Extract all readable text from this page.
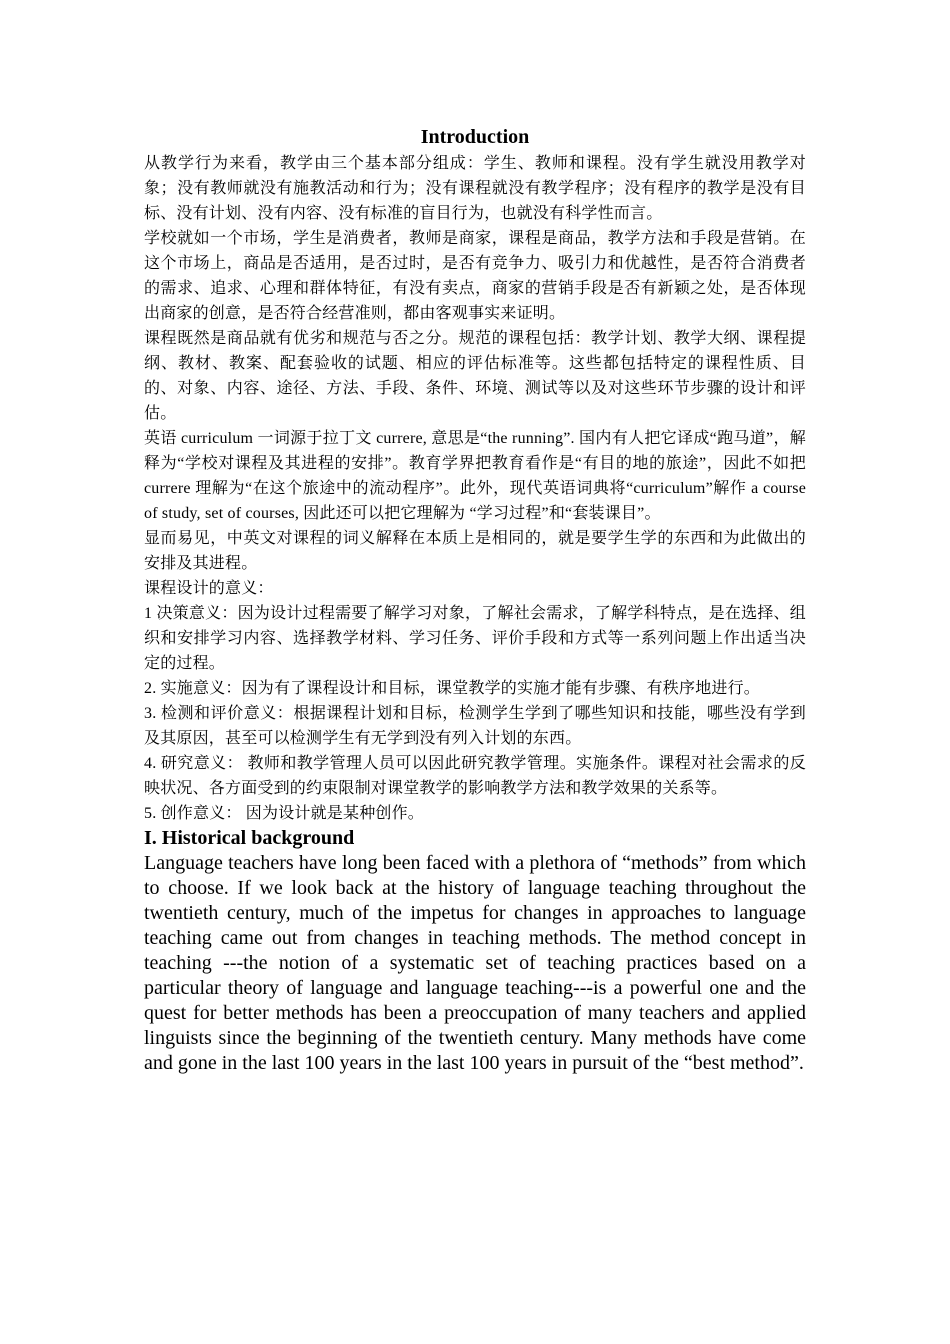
Introduction

从教学行为来看，教学由三个基本部分组成：学生、教师和课程。没有学生就没用教学对象；没有教师就没有施教活动和行为；没有课程就没有教学程序；没有程序的教学是没有目标、没有计划、没有内容、没有标准的盲目行为，也就没有科学性而言。

学校就如一个市场，学生是消费者，教师是商家，课程是商品，教学方法和手段是营销。在这个市场上，商品是否适用，是否过时，是否有竞争力、吸引力和优越性，是否符合消费者的需求、追求、心理和群体特征，有没有卖点，商家的营销手段是否有新颖之处，是否体现出商家的创意，是否符合经营准则，都由客观事实来证明。

课程既然是商品就有优劣和规范与否之分。规范的课程包括：教学计划、教学大纲、课程提纲、教材、教案、配套验收的试题、相应的评估标准等。这些都包括特定的课程性质、目的、对象、内容、途径、方法、手段、条件、环境、测试等以及对这些环节步骤的设计和评估。

英语 curriculum 一词源于拉丁文 currere, 意思是“the running”. 国内有人把它译成“跑马道”，解释为“学校对课程及其进程的安排”。教育学界把教育看作是“有目的地的旅途”，因此不如把 currere 理解为“在这个旅途中的流动程序”。此外，现代英语词典将“curriculum”解作 a course of study, set of courses, 因此还可以把它理解为 “学习过程”和“套装课目”。

显而易见，中英文对课程的词义解释在本质上是相同的，就是要学生学的东西和为此做出的安排及其进程。

课程设计的意义：

1 决策意义：因为设计过程需要了解学习对象，了解社会需求，了解学科特点，是在选择、组织和安排学习内容、选择教学材料、学习任务、评价手段和方式等一系列问题上作出适当决定的过程。

2. 实施意义：因为有了课程设计和目标，课堂教学的实施才能有步骤、有秩序地进行。

3. 检测和评价意义：根据课程计划和目标，检测学生学到了哪些知识和技能，哪些没有学到及其原因，甚至可以检测学生有无学到没有列入计划的东西。

4. 研究意义： 教师和教学管理人员可以因此研究教学管理。实施条件。课程对社会需求的反映状况、各方面受到的约束限制对课堂教学的影响教学方法和教学效果的关系等。

5. 创作意义： 因为设计就是某种创作。

I. Historical background

Language teachers have long been faced with a plethora of “methods” from which to choose. If we look back at the history of language teaching throughout the twentieth century, much of the impetus for changes in approaches to language teaching came out from changes in teaching methods. The method concept in teaching ---the notion of a systematic set of teaching practices based on a particular theory of language and language teaching---is a powerful one and the quest for better methods has been a preoccupation of many teachers and applied linguists since the beginning of the twentieth century. Many methods have come and gone in the last 100 years in the last 100 years in pursuit of the “best method”.
